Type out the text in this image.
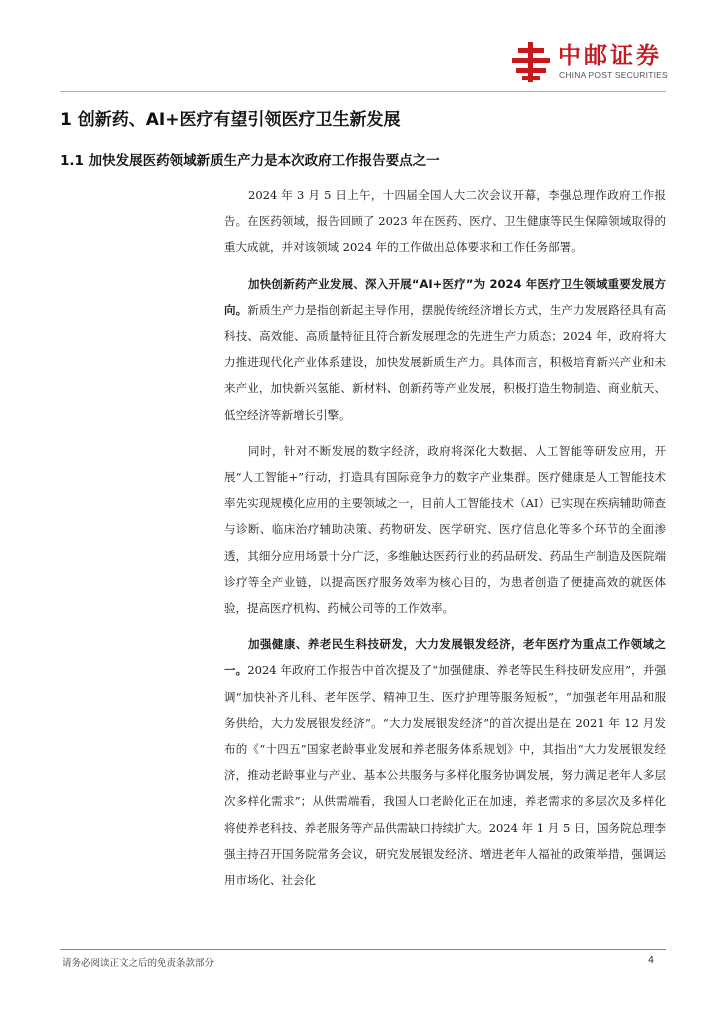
中邮证券
CHINA POST SECURITIES
1 创新药、AI+医疗有望引领医疗卫生新发展
1.1 加快发展医药领域新质生产力是本次政府工作报告要点之一

2024 年 3 月 5 日上午，十四届全国人大二次会议开幕，李强总理作政府工作报告。在医药领域，报告回顾了 2023 年在医药、医疗、卫生健康等民生保障领域取得的重大成就，并对该领域 2024 年的工作做出总体要求和工作任务部署。

加快创新药产业发展、深入开展“AI+医疗”为 2024 年医疗卫生领域重要发展方向。新质生产力是指创新起主导作用，摆脱传统经济增长方式，生产力发展路径具有高科技、高效能、高质量特征且符合新发展理念的先进生产力质态；2024 年，政府将大力推进现代化产业体系建设，加快发展新质生产力。具体而言，积极培育新兴产业和未来产业，加快新兴氢能、新材料、创新药等产业发展，积极打造生物制造、商业航天、低空经济等新增长引擎。

同时，针对不断发展的数字经济，政府将深化大数据、人工智能等研发应用，开展“人工智能+”行动，打造具有国际竞争力的数字产业集群。医疗健康是人工智能技术率先实现规模化应用的主要领域之一，目前人工智能技术（AI）已实现在疾病辅助筛查与诊断、临床治疗辅助决策、药物研发、医学研究、医疗信息化等多个环节的全面渗透，其细分应用场景十分广泛，多维触达医药行业的药品研发、药品生产制造及医院端诊疗等全产业链，以提高医疗服务效率为核心目的，为患者创造了便捷高效的就医体验，提高医疗机构、药械公司等的工作效率。

加强健康、养老民生科技研发，大力发展银发经济，老年医疗为重点工作领域之一。2024 年政府工作报告中首次提及了“加强健康、养老等民生科技研发应用”，并强调“加快补齐儿科、老年医学、精神卫生、医疗护理等服务短板”，“加强老年用品和服务供给，大力发展银发经济”。“大力发展银发经济”的首次提出是在 2021 年 12 月发布的《“十四五”国家老龄事业发展和养老服务体系规划》中，其指出“大力发展银发经济，推动老龄事业与产业、基本公共服务与多样化服务协调发展，努力满足老年人多层次多样化需求”；从供需端看，我国人口老龄化正在加速，养老需求的多层次及多样化将使养老科技、养老服务等产品供需缺口持续扩大。2024 年 1 月 5 日，国务院总理李强主持召开国务院常务会议，研究发展银发经济、增进老年人福祉的政策举措，强调运用市场化、社会化

请务必阅读正文之后的免责条款部分	4
